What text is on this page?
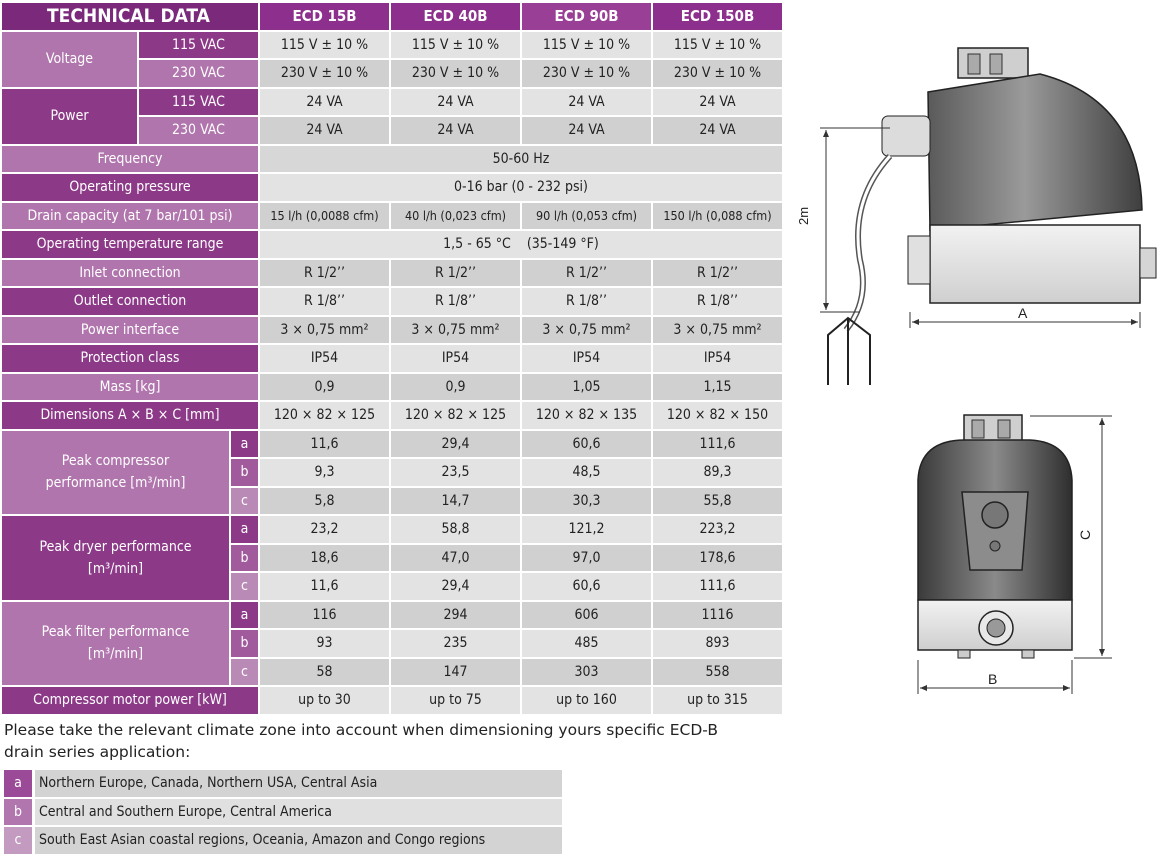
TECHNICAL DATA			ECD 15B	ECD 40B	ECD 90B	ECD 150B
Voltage	115 VAC		115 V ± 10 %	115 V ± 10 %	115 V ± 10 %	115 V ± 10 %
	230 VAC		230 V ± 10 %	230 V ± 10 %	230 V ± 10 %	230 V ± 10 %
Power	115 VAC		24 VA	24 VA	24 VA	24 VA
	230 VAC		24 VA	24 VA	24 VA	24 VA
Frequency			50-60 Hz			
Operating pressure			0-16 bar (0 - 232 psi)			
Drain capacity (at 7 bar/101 psi)			15 l/h (0,0088 cfm)	40 l/h (0,023 cfm)	90 l/h (0,053 cfm)	150 l/h (0,088 cfm)
Operating temperature range			1,5 - 65 °C    (35-149 °F)			
Inlet connection			R 1/2’’	R 1/2’’	R 1/2’’	R 1/2’’
Outlet connection			R 1/8’’	R 1/8’’	R 1/8’’	R 1/8’’
Power interface			3 × 0,75 mm²	3 × 0,75 mm²	3 × 0,75 mm²	3 × 0,75 mm²
Protection class			IP54	IP54	IP54	IP54
Mass [kg]			0,9	0,9	1,05	1,15
Dimensions A × B × C [mm]			120 × 82 × 125	120 × 82 × 125	120 × 82 × 135	120 × 82 × 150
Peak compressor performance [m³/min]		a	11,6	29,4	60,6	111,6
		b	9,3	23,5	48,5	89,3
		c	5,8	14,7	30,3	55,8
Peak dryer performance [m³/min]		a	23,2	58,8	121,2	223,2
		b	18,6	47,0	97,0	178,6
		c	11,6	29,4	60,6	111,6
Peak filter performance [m³/min]		a	116	294	606	1116
		b	93	235	485	893
		c	58	147	303	558
Compressor motor power [kW]			up to 30	up to 75	up to 160	up to 315
Please take the relevant climate zone into account when dimensioning yours specific ECD-B drain series application:
a	Northern Europe, Canada, Northern USA, Central Asia
b	Central and Southern Europe, Central America
c	South East Asian coastal regions, Oceania, Amazon and Congo regions
2m
A
C
B
